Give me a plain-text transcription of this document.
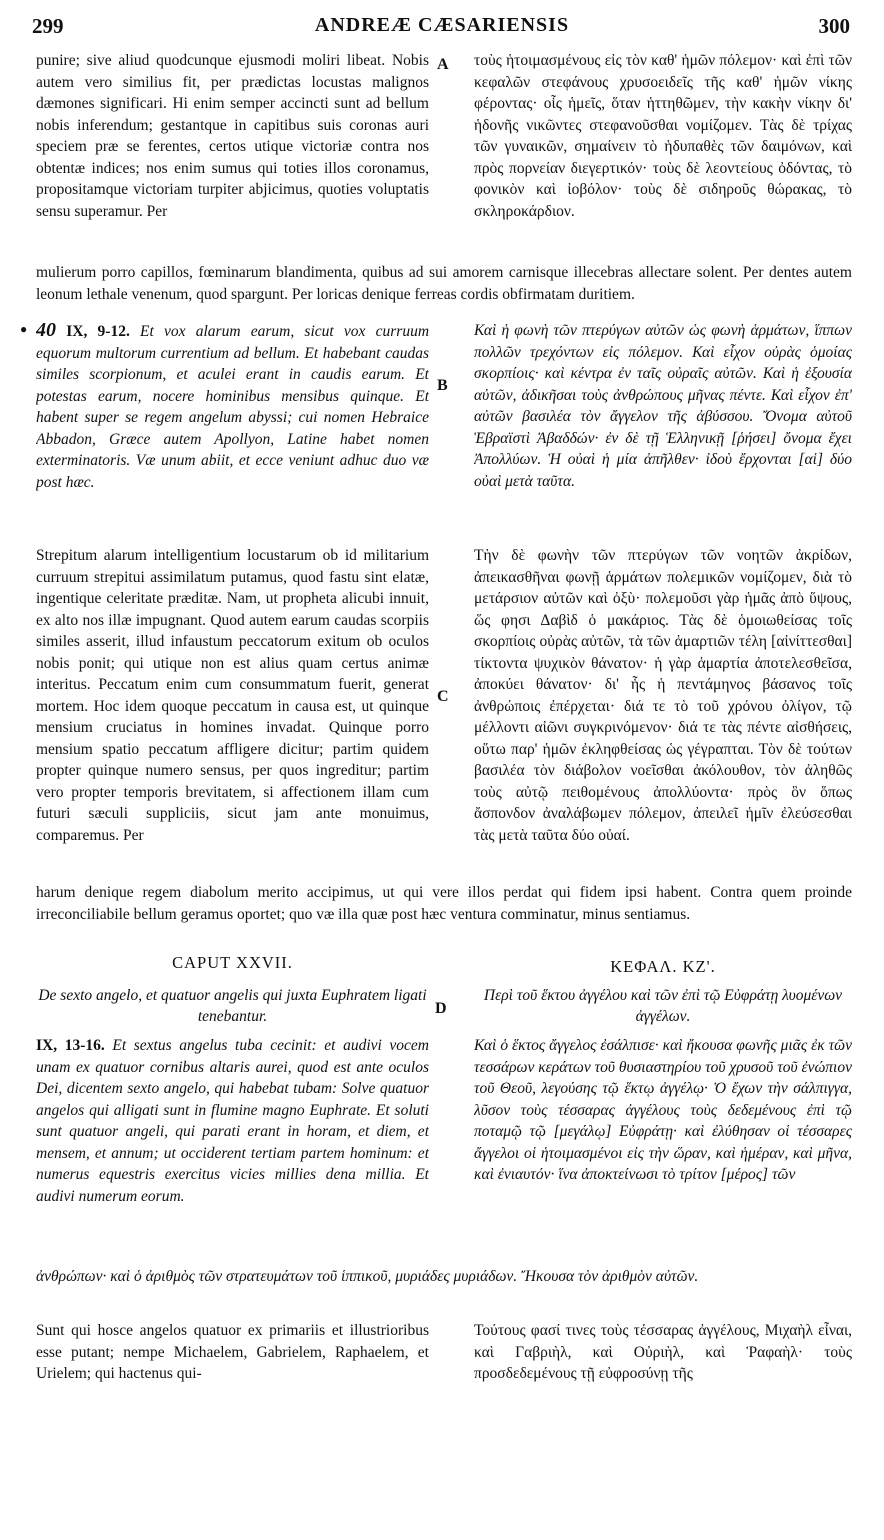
299	ANDREÆ CÆSARIENSIS	300
A
B
C
D

punire; sive aliud quodcunque ejusmodi moliri libeat. Nobis autem vero similius fit, per prædictas locustas malignos dæmones significari. Hi enim semper accincti sunt ad bellum nobis inferendum; gestantque in capitibus suis coronas auri speciem præ se ferentes, certos utique victoriæ contra nos obtentæ indices; nos enim sumus qui toties illos coronamus, propositamque victoriam turpiter abjicimus, quoties voluptatis sensu superamur. Per

τοὺς ἡτοιμασμένους εἰς τὸν καθ' ἡμῶν πόλεμον· καὶ ἐπὶ τῶν κεφαλῶν στεφάνους χρυσοειδεῖς τῆς καθ' ἡμῶν νίκης φέροντας· οἷς ἡμεῖς, ὅταν ἡττηθῶμεν, τὴν κακὴν νίκην δι' ἡδονῆς νικῶντες στεφανοῦσθαι νομίζομεν. Τὰς δὲ τρίχας τῶν γυναικῶν, σημαίνειν τὸ ἡδυπαθὲς τῶν δαιμόνων, καὶ πρὸς πορνείαν διεγερτικόν· τοὺς δὲ λεοντείους ὀδόντας, τὸ φονικὸν καὶ ἰοβόλον· τοὺς δὲ σιδηροῦς θώρακας, τὸ σκληροκάρδιον.

mulierum porro capillos, fœminarum blandimenta, quibus ad sui amorem carnisque illecebras allectare solent. Per dentes autem leonum lethale venenum, quod spargunt. Per loricas denique ferreas cordis obfirmatam duritiem.

● 40 IX, 9-12. Et vox alarum earum, sicut vox curruum equorum multorum currentium ad bellum. Et habebant caudas similes scorpionum, et aculei erant in caudis earum. Et potestas earum, nocere hominibus mensibus quinque. Et habent super se regem angelum abyssi; cui nomen Hebraice Abbadon, Græce autem Apollyon, Latine habet nomen exterminatoris. Væ unum abiit, et ecce veniunt adhuc duo væ post hæc.

Καὶ ἡ φωνὴ τῶν πτερύγων αὐτῶν ὡς φωνὴ ἁρμάτων, ἵππων πολλῶν τρεχόντων εἰς πόλεμον. Καὶ εἶχον οὐρὰς ὁμοίας σκορπίοις· καὶ κέντρα ἐν ταῖς οὐραῖς αὐτῶν. Καὶ ἡ ἐξουσία αὐτῶν, ἀδικῆσαι τοὺς ἀνθρώπους μῆνας πέντε. Καὶ εἶχον ἐπ' αὐτῶν βασιλέα τὸν ἄγγελον τῆς ἀβύσσου. Ὄνομα αὐτοῦ Ἑβραϊστὶ Ἀβαδδών· ἐν δὲ τῇ Ἑλληνικῇ [ῥήσει] ὄνομα ἔχει Ἀπολλύων. Ἡ οὐαὶ ἡ μία ἀπῆλθεν· ἰδοὺ ἔρχονται [αἱ] δύο οὐαὶ μετὰ ταῦτα.

Strepitum alarum intelligentium locustarum ob id militarium curruum strepitui assimilatum putamus, quod fastu sint elatæ, ingentique celeritate præditæ. Nam, ut propheta alicubi innuit, ex alto nos illæ impugnant. Quod autem earum caudas scorpiis similes asserit, illud infaustum peccatorum exitum ob oculos nobis ponit; qui utique non est alius quam certus animæ interitus. Peccatum enim cum consummatum fuerit, generat mortem. Hoc idem quoque peccatum in causa est, ut quinque mensium cruciatus in homines invadat. Quinque porro mensium spatio peccatum affligere dicitur; partim quidem propter quinque numero sensus, per quos ingreditur; partim vero propter temporis brevitatem, si affectionem illam cum futuri sæculi suppliciis, sicut jam ante monuimus, comparemus. Per

Τὴν δὲ φωνὴν τῶν πτερύγων τῶν νοητῶν ἀκρίδων, ἀπεικασθῆναι φωνῇ ἁρμάτων πολεμικῶν νομίζομεν, διὰ τὸ μετάρσιον αὐτῶν καὶ ὀξὺ· πολεμοῦσι γὰρ ἡμᾶς ἀπὸ ὕψους, ὥς φησι Δαβὶδ ὁ μακάριος. Τὰς δὲ ὁμοιωθείσας τοῖς σκορπίοις οὐρὰς αὐτῶν, τὰ τῶν ἁμαρτιῶν τέλη [αἰνίττεσθαι] τίκτοντα ψυχικὸν θάνατον· ἡ γὰρ ἁμαρτία ἀποτελεσθεῖσα, ἀποκύει θάνατον· δι' ἧς ἡ πεντάμηνος βάσανος τοῖς ἀνθρώποις ἐπέρχεται· διά τε τὸ τοῦ χρόνου ὀλίγον, τῷ μέλλοντι αἰῶνι συγκρινόμενον· διά τε τὰς πέντε αἰσθήσεις, οὕτω παρ' ἡμῶν ἐκληφθείσας ὡς γέγραπται. Τὸν δὲ τούτων βασιλέα τὸν διάβολον νοεῖσθαι ἀκόλουθον, τὸν ἀληθῶς τοὺς αὐτῷ πειθομένους ἀπολλύοντα· πρὸς ὃν ὅπως ἄσπονδον ἀναλάβωμεν πόλεμον, ἀπειλεῖ ἡμῖν ἐλεύσεσθαι τὰς μετὰ ταῦτα δύο οὐαί.

harum denique regem diabolum merito accipimus, ut qui vere illos perdat qui fidem ipsi habent. Contra quem proinde irreconciliabile bellum geramus oportet; quo væ illa quæ post hæc ventura comminatur, minus sentiamus.

CAPUT XXVII.	ΚΕΦΑΛ. ΚΖ'.
De sexto angelo, et quatuor angelis qui juxta Euphratem ligati tenebantur.
Περὶ τοῦ ἕκτου ἀγγέλου καὶ τῶν ἐπὶ τῷ Εὐφράτῃ λυομένων ἀγγέλων.

IX, 13-16. Et sextus angelus tuba cecinit: et audivi vocem unam ex quatuor cornibus altaris aurei, quod est ante oculos Dei, dicentem sexto angelo, qui habebat tubam: Solve quatuor angelos qui alligati sunt in flumine magno Euphrate. Et soluti sunt quatuor angeli, qui parati erant in horam, et diem, et mensem, et annum; ut occiderent tertiam partem hominum: et numerus equestris exercitus vicies millies dena millia. Et audivi numerum eorum.

Καὶ ὁ ἕκτος ἄγγελος ἐσάλπισε· καὶ ἤκουσα φωνῆς μιᾶς ἐκ τῶν τεσσάρων κεράτων τοῦ θυσιαστηρίου τοῦ χρυσοῦ τοῦ ἐνώπιον τοῦ Θεοῦ, λεγούσης τῷ ἕκτῳ ἀγγέλῳ· Ὁ ἔχων τὴν σάλπιγγα, λῦσον τοὺς τέσσαρας ἀγγέλους τοὺς δεδεμένους ἐπὶ τῷ ποταμῷ τῷ [μεγάλῳ] Εὐφράτῃ· καὶ ἐλύθησαν οἱ τέσσαρες ἄγγελοι οἱ ἡτοιμασμένοι εἰς τὴν ὥραν, καὶ ἡμέραν, καὶ μῆνα, καὶ ἐνιαυτόν· ἵνα ἀποκτείνωσι τὸ τρίτον [μέρος] τῶν

ἀνθρώπων· καὶ ὁ ἀριθμὸς τῶν στρατευμάτων τοῦ ἱππικοῦ, μυριάδες μυριάδων. Ἤκουσα τὸν ἀριθμὸν αὐτῶν.

Sunt qui hosce angelos quatuor ex primariis et illustrioribus esse putant; nempe Michaelem, Gabrielem, Raphaelem, et Urielem; qui hactenus qui-

Τούτους φασί τινες τοὺς τέσσαρας ἀγγέλους, Μιχαὴλ εἶναι, καὶ Γαβριὴλ, καὶ Οὐριὴλ, καὶ Ῥαφαὴλ· τοὺς προσδεδεμένους τῇ εὐφροσύνῃ τῆς
